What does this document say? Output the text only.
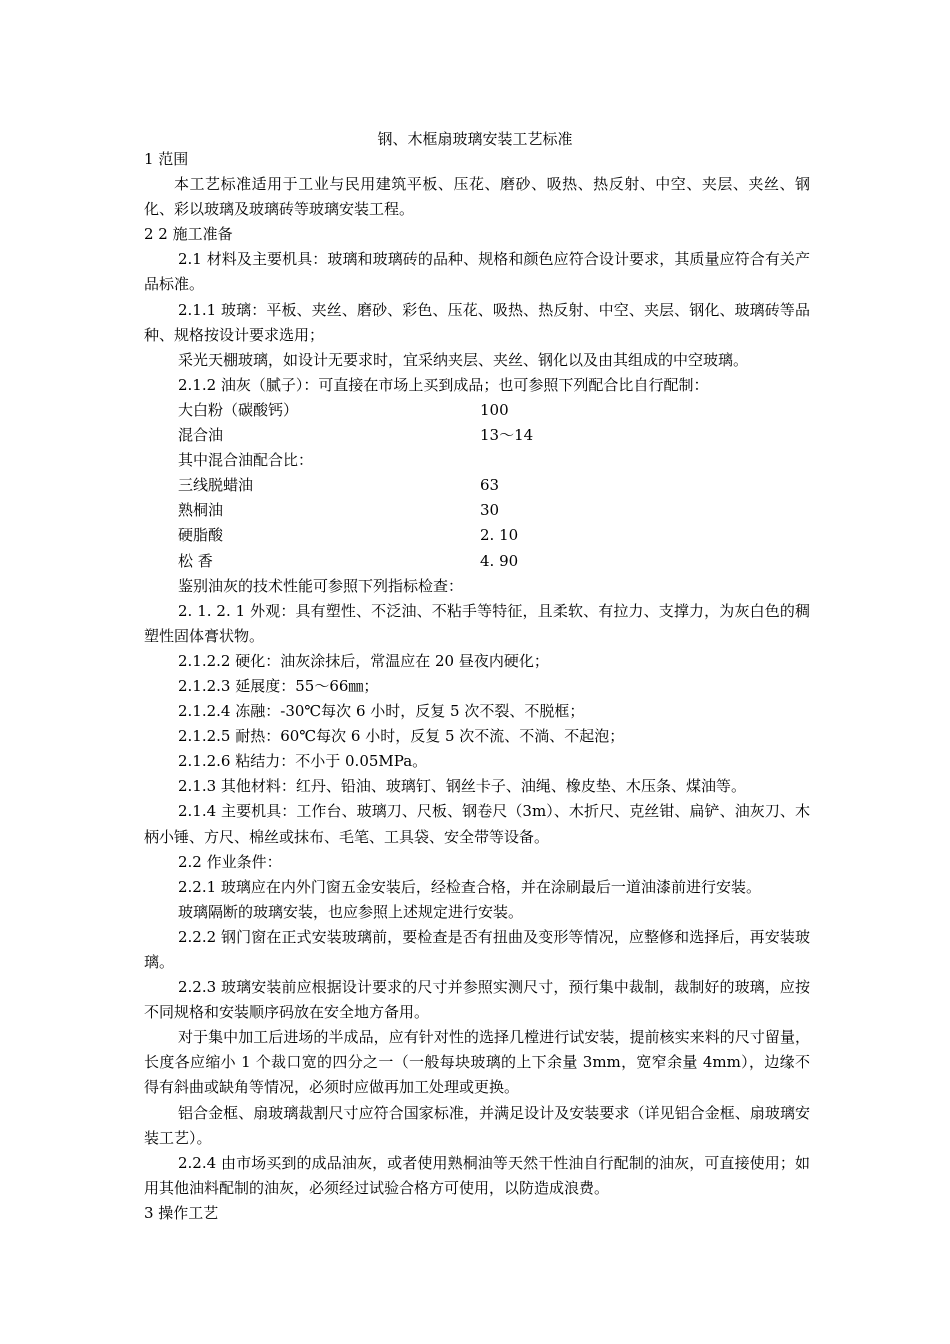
钢、木框扇玻璃安装工艺标准

1 范围

本工艺标准适用于工业与民用建筑平板、压花、磨砂、吸热、热反射、中空、夹层、夹丝、钢化、彩以玻璃及玻璃砖等玻璃安装工程。

2 2 施工准备

2.1 材料及主要机具：玻璃和玻璃砖的品种、规格和颜色应符合设计要求，其质量应符合有关产品标准。

2.1.1 玻璃：平板、夹丝、磨砂、彩色、压花、吸热、热反射、中空、夹层、钢化、玻璃砖等品种、规格按设计要求选用；

采光天棚玻璃，如设计无要求时，宜采纳夹层、夹丝、钢化以及由其组成的中空玻璃。

2.1.2 油灰（腻子）：可直接在市场上买到成品；也可参照下列配合比自行配制：

大白粉（碳酸钙）	100
混合油	13～14

其中混合油配合比：

三线脱蜡油	63
熟桐油	30
硬脂酸	2. 10
松 香	4. 90

鉴别油灰的技术性能可参照下列指标检查：

2. 1. 2. 1 外观：具有塑性、不泛油、不粘手等特征，且柔软、有拉力、支撑力，为灰白色的稠塑性固体膏状物。

2.1.2.2 硬化：油灰涂抹后，常温应在 20 昼夜内硬化；

2.1.2.3 延展度：55～66㎜；

2.1.2.4 冻融：-30℃每次 6 小时，反复 5 次不裂、不脱框；

2.1.2.5 耐热：60℃每次 6 小时，反复 5 次不流、不淌、不起泡；

2.1.2.6 粘结力：不小于 0.05MPa。

2.1.3 其他材料：红丹、铅油、玻璃钉、钢丝卡子、油绳、橡皮垫、木压条、煤油等。

2.1.4 主要机具：工作台、玻璃刀、尺板、钢卷尺（3m）、木折尺、克丝钳、扁铲、油灰刀、木柄小锤、方尺、棉丝或抹布、毛笔、工具袋、安全带等设备。

2.2 作业条件：

2.2.1 玻璃应在内外门窗五金安装后，经检查合格，并在涂刷最后一道油漆前进行安装。

玻璃隔断的玻璃安装，也应参照上述规定进行安装。

2.2.2 钢门窗在正式安装玻璃前，要检查是否有扭曲及变形等情况，应整修和选择后，再安装玻璃。

2.2.3 玻璃安装前应根据设计要求的尺寸并参照实测尺寸，预行集中裁制，裁制好的玻璃，应按不同规格和安装顺序码放在安全地方备用。

对于集中加工后进场的半成品，应有针对性的选择几樘进行试安装，提前核实来料的尺寸留量，长度各应缩小 1 个裁口宽的四分之一（一般每块玻璃的上下余量 3mm，宽窄余量 4mm），边缘不得有斜曲或缺角等情况，必须时应做再加工处理或更换。

铝合金框、扇玻璃裁割尺寸应符合国家标准，并满足设计及安装要求（详见铝合金框、扇玻璃安装工艺）。

2.2.4 由市场买到的成品油灰，或者使用熟桐油等天然干性油自行配制的油灰，可直接使用；如用其他油料配制的油灰，必须经过试验合格方可使用，以防造成浪费。

3 操作工艺
